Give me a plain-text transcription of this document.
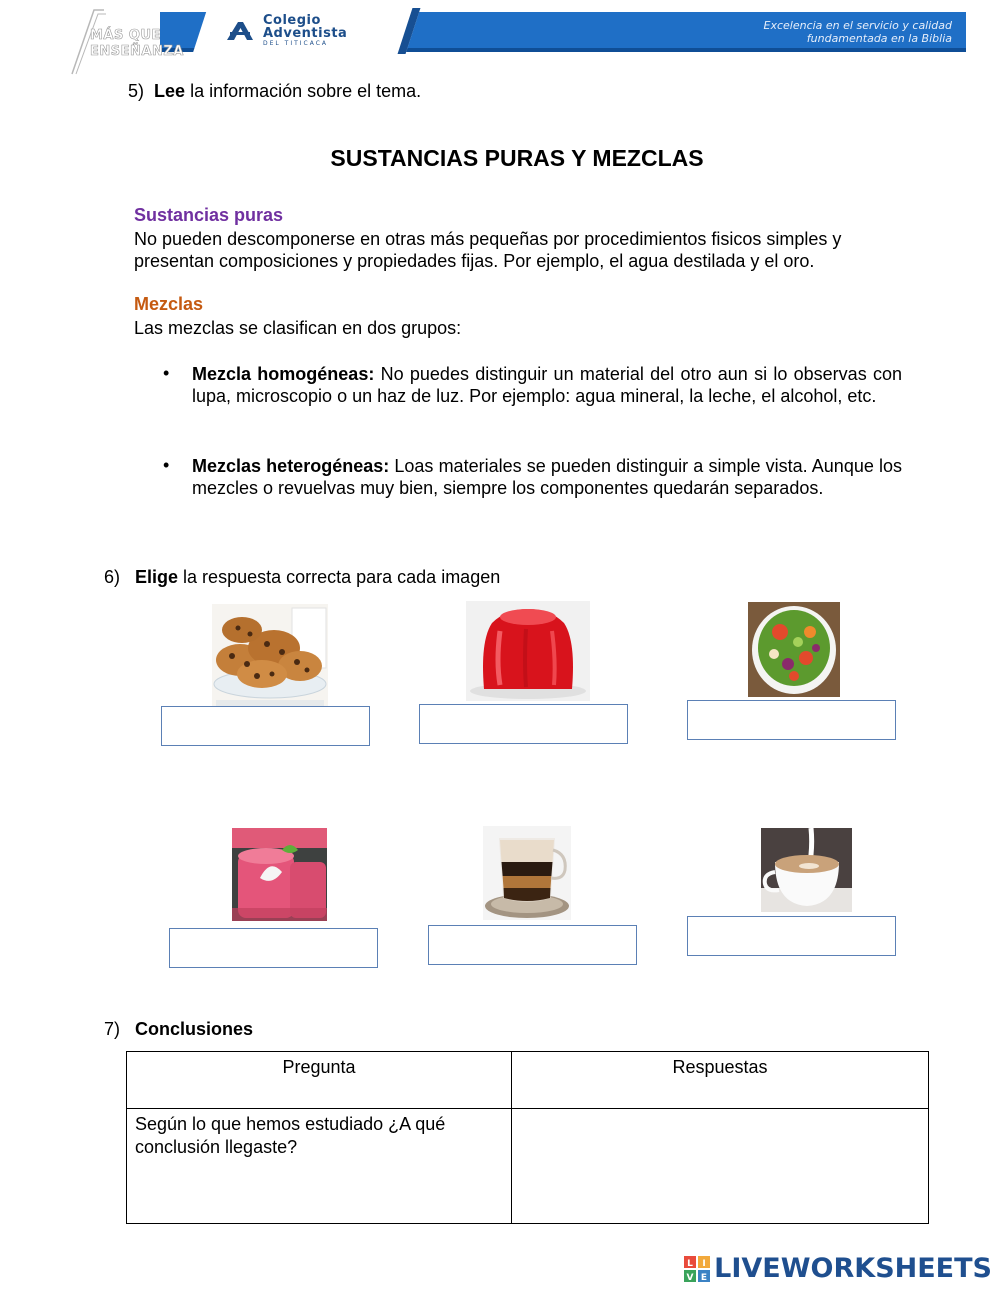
Colegio
Adventista
DEL TITICACA
Excelencia en el servicio y calidad
fundamentada en la Biblia
MÁS QUE
ENSEÑANZA
5) Lee la información sobre el tema.
SUSTANCIAS PURAS Y MEZCLAS
Sustancias puras
No pueden descomponerse en otras más pequeñas por procedimientos fisicos simples y presentan composiciones y propiedades fijas. Por ejemplo, el agua destilada y el oro.
Mezclas
Las mezclas se clasifican en dos grupos:
• Mezcla homogéneas: No puedes distinguir un material del otro aun si lo observas con lupa, microscopio o un haz de luz. Por ejemplo: agua mineral, la leche, el alcohol, etc.
• Mezclas heterogéneas: Loas materiales se pueden distinguir a simple vista. Aunque los mezcles o revuelvas muy bien, siempre los componentes quedarán separados.
6) Elige la respuesta correcta para cada imagen
7) Conclusiones
Pregunta	Respuestas
Según lo que hemos estudiado ¿A qué conclusión llegaste?	
L I
V E LIVEWORKSHEETS
